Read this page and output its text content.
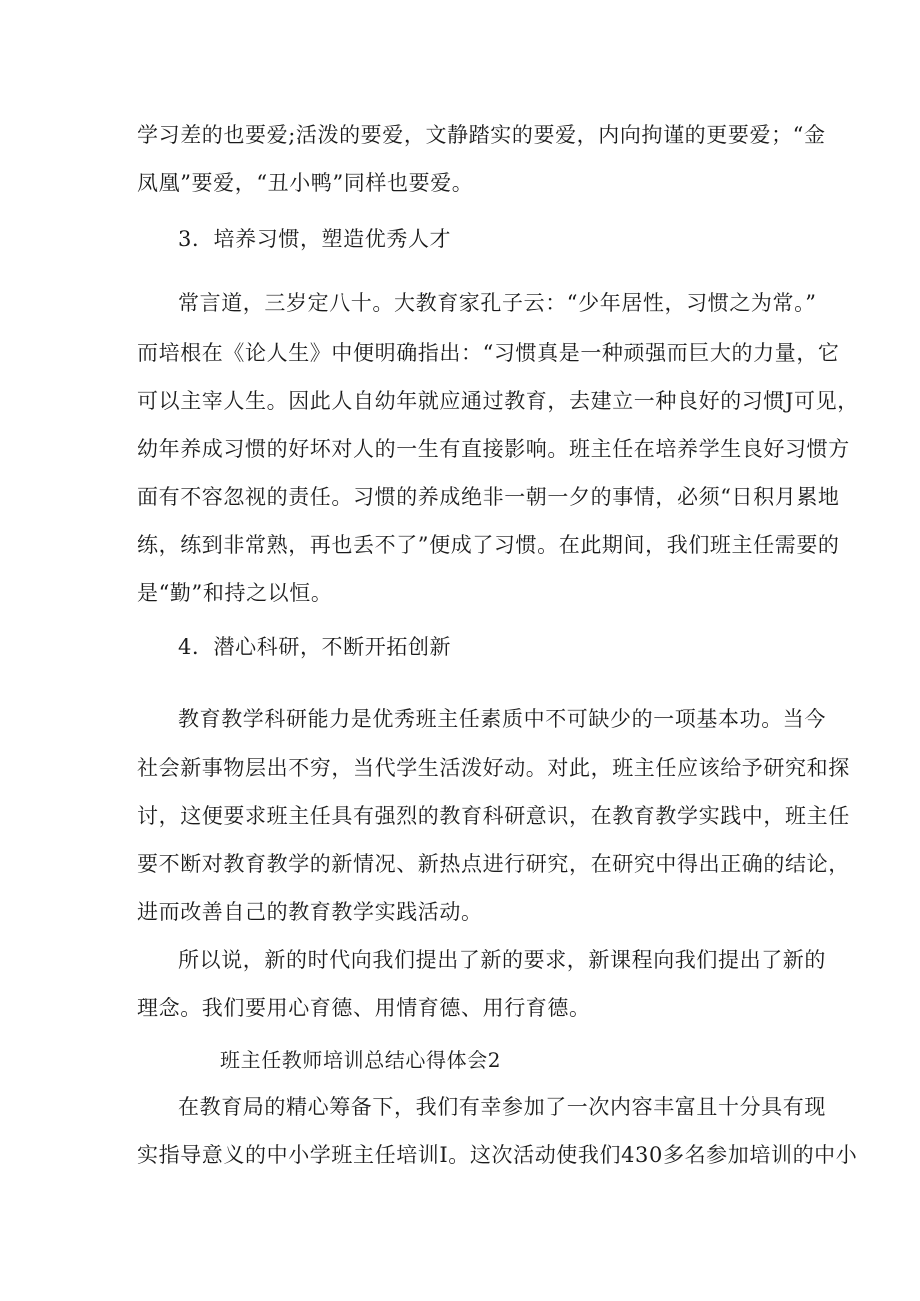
学习差的也要爱;活泼的要爱，文静踏实的要爱，内向拘谨的更要爱；“金
凤凰”要爱，“丑小鸭”同样也要爱。
3．培养习惯，塑造优秀人才
常言道，三岁定八十。大教育家孔子云：“少年居性，习惯之为常。”
而培根在《论人生》中便明确指出：“习惯真是一种顽强而巨大的力量，它
可以主宰人生。因此人自幼年就应通过教育，去建立一种良好的习惯J可见，
幼年养成习惯的好坏对人的一生有直接影响。班主任在培养学生良好习惯方
面有不容忽视的责任。习惯的养成绝非一朝一夕的事情，必须“日积月累地
练，练到非常熟，再也丢不了”便成了习惯。在此期间，我们班主任需要的
是“勤”和持之以恒。
4．潜心科研，不断开拓创新
教育教学科研能力是优秀班主任素质中不可缺少的一项基本功。当今
社会新事物层出不穷，当代学生活泼好动。对此，班主任应该给予研究和探
讨，这便要求班主任具有强烈的教育科研意识，在教育教学实践中，班主任
要不断对教育教学的新情况、新热点进行研究，在研究中得出正确的结论，
进而改善自己的教育教学实践活动。
所以说，新的时代向我们提出了新的要求，新课程向我们提出了新的
理念。我们要用心育德、用情育德、用行育德。
班主任教师培训总结心得体会2
在教育局的精心筹备下，我们有幸参加了一次内容丰富且十分具有现
实指导意义的中小学班主任培训I。这次活动使我们430多名参加培训的中小
